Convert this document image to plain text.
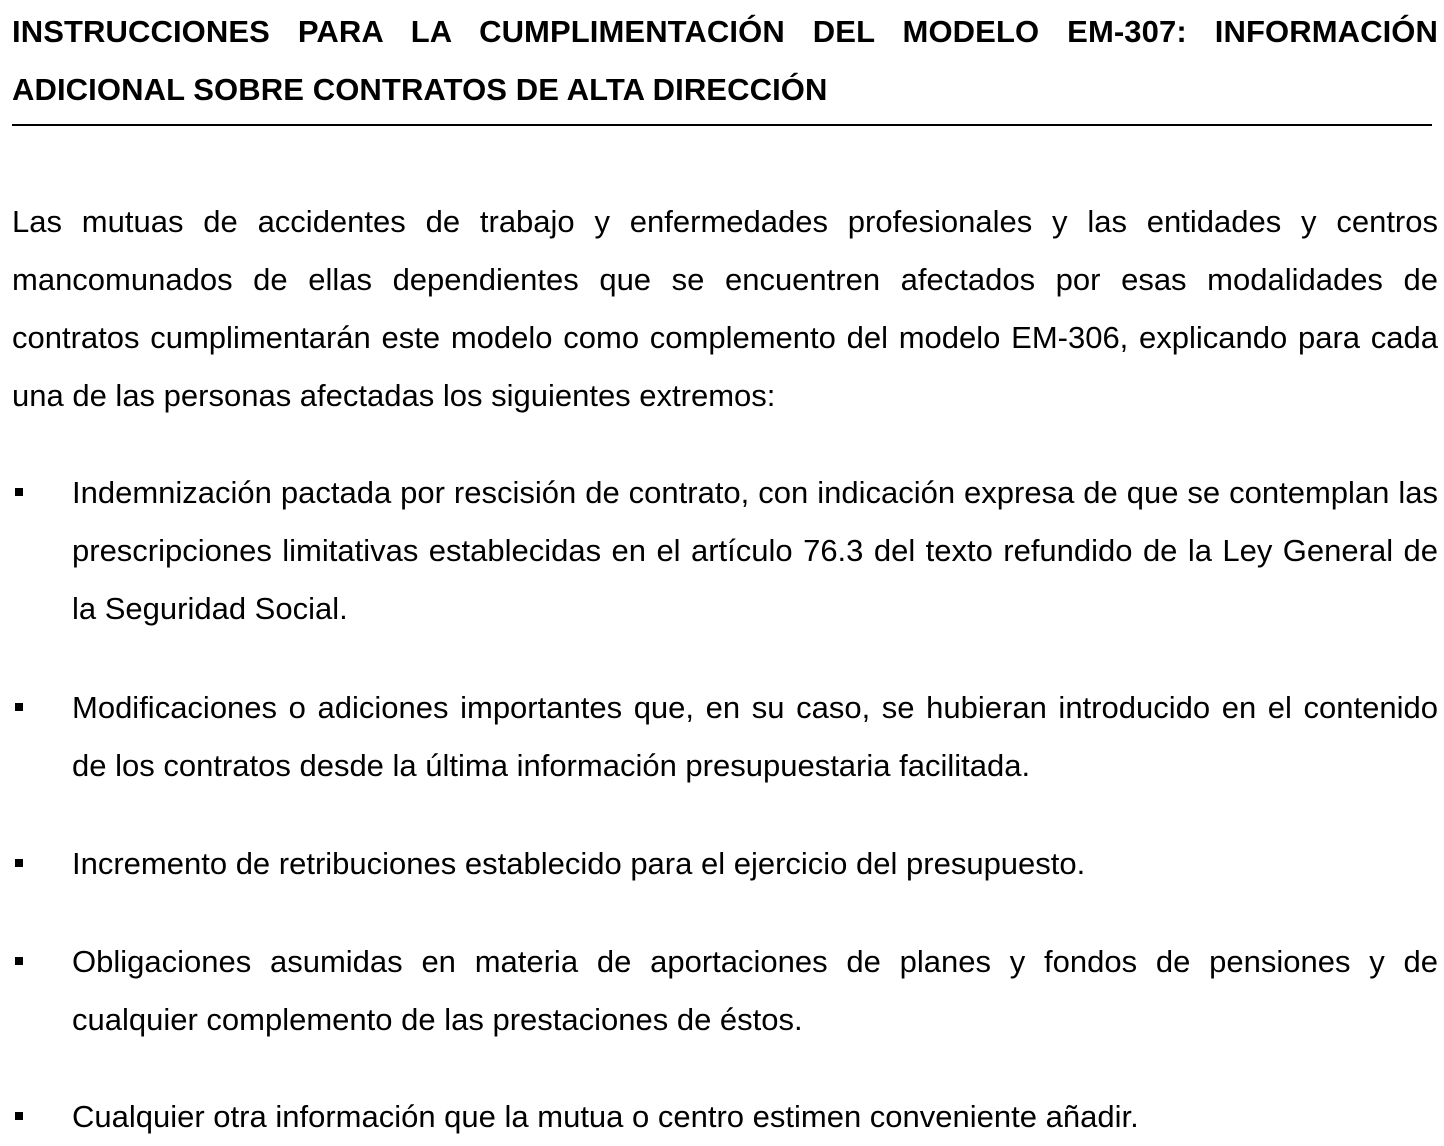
INSTRUCCIONES PARA LA CUMPLIMENTACIÓN DEL MODELO EM-307: INFORMACIÓN ADICIONAL SOBRE CONTRATOS DE ALTA DIRECCIÓN

Las mutuas de accidentes de trabajo y enfermedades profesionales y las entidades y centros mancomunados de ellas dependientes que se encuentren afectados por esas modalidades de contratos cumplimentarán este modelo como complemento del modelo EM-306, explicando para cada una de las personas afectadas los siguientes extremos:

Indemnización pactada por rescisión de contrato, con indicación expresa de que se contemplan las prescripciones limitativas establecidas en el artículo 76.3 del texto refundido de la Ley General de la Seguridad Social.
Modificaciones o adiciones importantes que, en su caso, se hubieran introducido en el contenido de los contratos desde la última información presupuestaria facilitada.
Incremento de retribuciones establecido para el ejercicio del presupuesto.
Obligaciones asumidas en materia de aportaciones de planes y fondos de pensiones y de cualquier complemento de las prestaciones de éstos.
Cualquier otra información que la mutua o centro estimen conveniente añadir.
